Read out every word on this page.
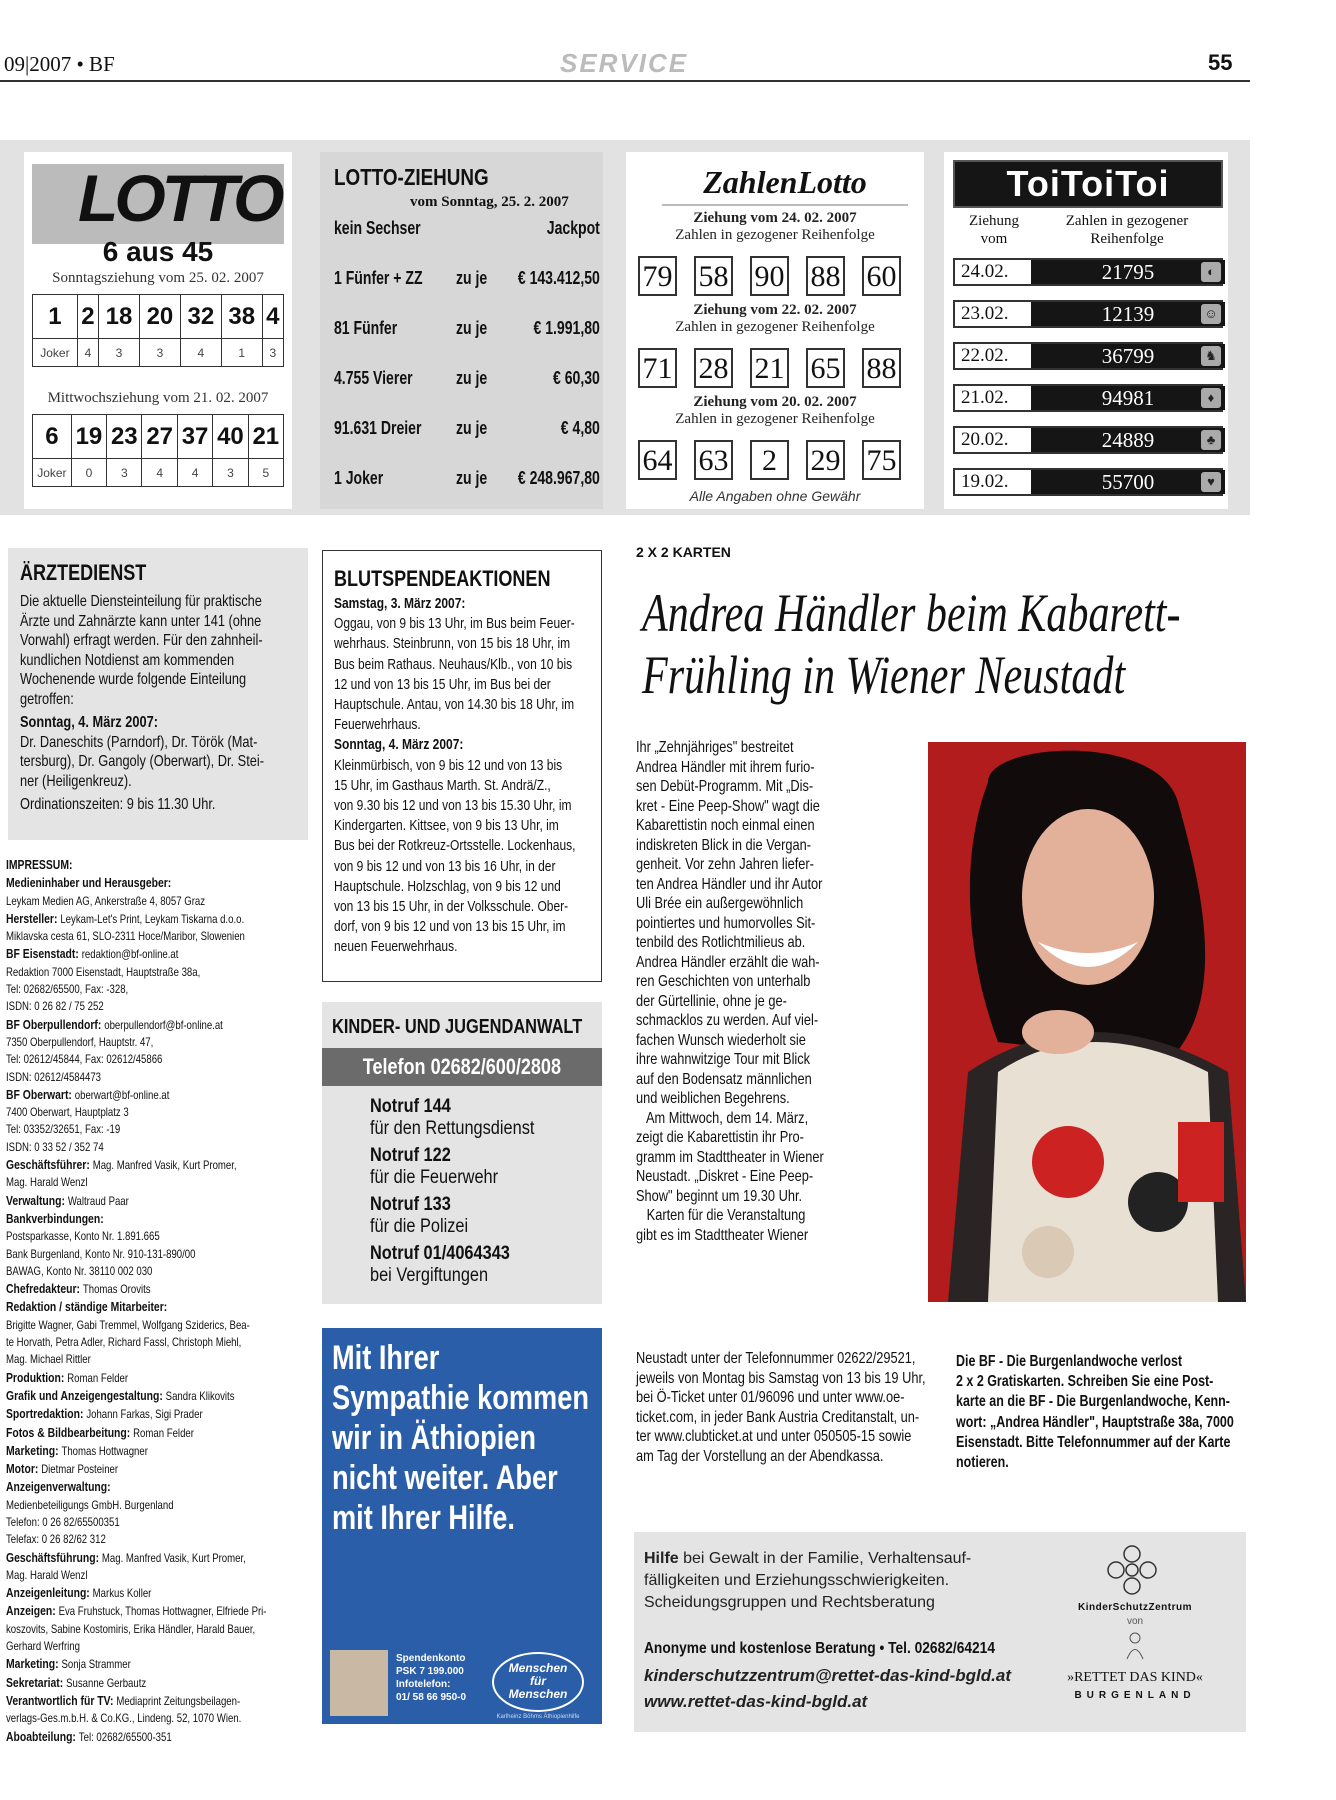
09|2007 • BF	SERVICE	55
LOTTO
6 aus 45
Sonntagsziehung vom 25. 02. 2007
1	2	18	20	32	38	4
Joker	4	3	3	4	1	3
Mittwochsziehung vom 21. 02. 2007
6	19	23	27	37	40	21
Joker	0	3	4	4	3	5
LOTTO-ZIEHUNG
vom Sonntag, 25. 2. 2007
kein Sechser	Jackpot
1 Fünfer + ZZ zu je	€ 143.412,50
81 Fünfer	zu je	€ 1.991,80
4.755 Vierer zu je	€ 60,30
91.631 Dreier zu je	€ 4,80
1 Joker	zu je	€ 248.967,80
ZahlenLotto
Ziehung vom 24. 02. 2007
Zahlen in gezogener Reihenfolge
79 58 90 88 60
Ziehung vom 22. 02. 2007
Zahlen in gezogener Reihenfolge
71 28 21 65 88
Ziehung vom 20. 02. 2007
Zahlen in gezogener Reihenfolge
64 63	2	29 75
Alle Angaben ohne Gewähr
ToiToiToi
Ziehung vom
Zahlen in gezogener Reihenfolge
24.02.	21795	◐
23.02.	12139	☺
22.02.	36799	♞
21.02.	94981	♦
20.02.	24889	♣
19.02.	55700	♥
ÄRZTEDIENST
Die aktuelle Diensteinteilung für praktische
Ärzte und Zahnärzte kann unter 141 (ohne
Vorwahl) erfragt werden. Für den zahnheil-
kundlichen Notdienst am kommenden
Wochenende wurde folgende Einteilung
getroffen:
Sonntag, 4. März 2007:
Dr. Daneschits (Parndorf), Dr. Török (Mat-
tersburg), Dr. Gangoly (Oberwart), Dr. Stei-
ner (Heiligenkreuz).
Ordinationszeiten: 9 bis 11.30 Uhr.
IMPRESSUM:
Medieninhaber und Herausgeber:
Leykam Medien AG, Ankerstraße 4, 8057 Graz
Hersteller: Leykam-Let's Print, Leykam Tiskarna d.o.o.
Miklavska cesta 61, SLO-2311 Hoce/Maribor, Slowenien
BF Eisenstadt: redaktion@bf-online.at
Redaktion 7000 Eisenstadt, Hauptstraße 38a,
Tel: 02682/65500, Fax: -328,
ISDN: 0 26 82 / 75 252
BF Oberpullendorf: oberpullendorf@bf-online.at
7350 Oberpullendorf, Hauptstr. 47,
Tel: 02612/45844, Fax: 02612/45866
ISDN: 02612/4584473
BF Oberwart: oberwart@bf-online.at
7400 Oberwart, Hauptplatz 3
Tel: 03352/32651, Fax: -19
ISDN: 0 33 52 / 352 74
Geschäftsführer: Mag. Manfred Vasik, Kurt Promer,
Mag. Harald Wenzl
Verwaltung: Waltraud Paar
Bankverbindungen:
Postsparkasse, Konto Nr. 1.891.665
Bank Burgenland, Konto Nr. 910-131-890/00
BAWAG, Konto Nr. 38110 002 030
Chefredakteur: Thomas Orovits
Redaktion / ständige Mitarbeiter:
Brigitte Wagner, Gabi Tremmel, Wolfgang Sziderics, Bea-
te Horvath, Petra Adler, Richard Fassl, Christoph Miehl,
Mag. Michael Rittler
Produktion: Roman Felder
Grafik und Anzeigengestaltung: Sandra Klikovits
Sportredaktion: Johann Farkas, Sigi Prader
Fotos & Bildbearbeitung: Roman Felder
Marketing: Thomas Hottwagner
Motor: Dietmar Posteiner
Anzeigenverwaltung:
Medienbeteiligungs GmbH. Burgenland
Telefon: 0 26 82/65500351
Telefax: 0 26 82/62 312
Geschäftsführung: Mag. Manfred Vasik, Kurt Promer,
Mag. Harald Wenzl
Anzeigenleitung: Markus Koller
Anzeigen: Eva Fruhstuck, Thomas Hottwagner, Elfriede Pri-
koszovits, Sabine Kostomiris, Erika Händler, Harald Bauer,
Gerhard Werfring
Marketing: Sonja Strammer
Sekretariat: Susanne Gerbautz
Verantwortlich für TV: Mediaprint Zeitungsbeilagen-
verlags-Ges.m.b.H. & Co.KG., Lindeng. 52, 1070 Wien.
Aboabteilung: Tel: 02682/65500-351
BLUTSPENDEAKTIONEN
Samstag, 3. März 2007:
Oggau, von 9 bis 13 Uhr, im Bus beim Feuer-
wehrhaus. Steinbrunn, von 15 bis 18 Uhr, im
Bus beim Rathaus. Neuhaus/Klb., von 10 bis
12 und von 13 bis 15 Uhr, im Bus bei der
Hauptschule. Antau, von 14.30 bis 18 Uhr, im
Feuerwehrhaus.
Sonntag, 4. März 2007:
Kleinmürbisch, von 9 bis 12 und von 13 bis
15 Uhr, im Gasthaus Marth. St. Andrä/Z.,
von 9.30 bis 12 und von 13 bis 15.30 Uhr, im
Kindergarten. Kittsee, von 9 bis 13 Uhr, im
Bus bei der Rotkreuz-Ortsstelle. Lockenhaus,
von 9 bis 12 und von 13 bis 16 Uhr, in der
Hauptschule. Holzschlag, von 9 bis 12 und
von 13 bis 15 Uhr, in der Volksschule. Ober-
dorf, von 9 bis 12 und von 13 bis 15 Uhr, im
neuen Feuerwehrhaus.
KINDER- UND JUGENDANWALT
Telefon 02682/600/2808
Notruf 144
für den Rettungsdienst
Notruf 122
für die Feuerwehr
Notruf 133
für die Polizei
Notruf 01/4064343
bei Vergiftungen
Mit Ihrer
Sympathie kommen
wir in Äthiopien
nicht weiter. Aber
mit Ihrer Hilfe.
Spendenkonto
PSK 7 199.000
Infotelefon:
01/ 58 66 950-0
Menschen
für
Menschen
Karlheinz Böhms Äthiopienhilfe
2 X 2 KARTEN
Andrea Händler beim Kabarett-
Frühling in Wiener Neustadt
Ihr „Zehnjähriges" bestreitet
Andrea Händler mit ihrem furio-
sen Debüt-Programm. Mit „Dis-
kret - Eine Peep-Show" wagt die
Kabarettistin noch einmal einen
indiskreten Blick in die Vergan-
genheit. Vor zehn Jahren liefer-
ten Andrea Händler und ihr Autor
Uli Brée ein außergewöhnlich
pointiertes und humorvolles Sit-
tenbild des Rotlichtmilieus ab.
Andrea Händler erzählt die wah-
ren Geschichten von unterhalb
der Gürtellinie, ohne je ge-
schmacklos zu werden. Auf viel-
fachen Wunsch wiederholt sie
ihre wahnwitzige Tour mit Blick
auf den Bodensatz männlichen
und weiblichen Begehrens.
Am Mittwoch, dem 14. März,
zeigt die Kabarettistin ihr Pro-
gramm im Stadttheater in Wiener
Neustadt. „Diskret - Eine Peep-
Show" beginnt um 19.30 Uhr.
Karten für die Veranstaltung
gibt es im Stadttheater Wiener
Neustadt unter der Telefonnummer 02622/29521,
jeweils von Montag bis Samstag von 13 bis 19 Uhr,
bei Ö-Ticket unter 01/96096 und unter www.oe-
ticket.com, in jeder Bank Austria Creditanstalt, un-
ter www.clubticket.at und unter 050505-15 sowie
am Tag der Vorstellung an der Abendkassa.
Die BF - Die Burgenlandwoche verlost
2 x 2 Gratiskarten. Schreiben Sie eine Post-
karte an die BF - Die Burgenlandwoche, Kenn-
wort: „Andrea Händler", Hauptstraße 38a, 7000
Eisenstadt. Bitte Telefonnummer auf der Karte
notieren.
Hilfe bei Gewalt in der Familie, Verhaltensauf-
fälligkeiten und Erziehungsschwierigkeiten.
Scheidungsgruppen und Rechtsberatung
Anonyme und kostenlose Beratung • Tel. 02682/64214
kinderschutzzentrum@rettet-das-kind-bgld.at
www.rettet-das-kind-bgld.at
KinderSchutzZentrum
von
»RETTET DAS KIND«
BURGENLAND
